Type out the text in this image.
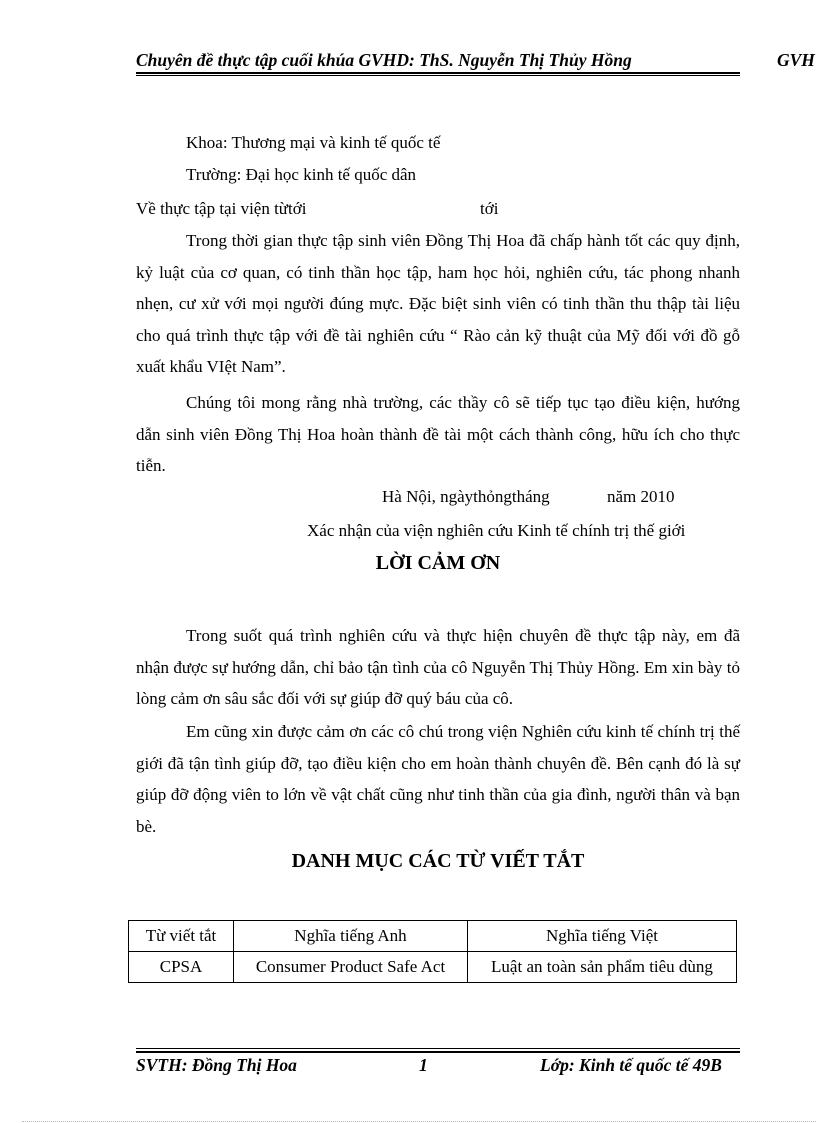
Chuyên đề thực tập cuối khúa GVHD: ThS. Nguyễn Thị Thủy Hồng	GVH
Khoa: Thương mại và kinh tế quốc tế
Trường: Đại học kinh tế quốc dân
Về thực tập tại viện từtới	tới

Trong thời gian thực tập sinh viên Đồng Thị Hoa đã chấp hành tốt các quy định, kỷ luật của cơ quan, có tinh thần học tập, ham học hỏi, nghiên cứu, tác phong nhanh nhẹn, cư xử với mọi người đúng mực. Đặc biệt sinh viên có tinh thần thu thập tài liệu cho quá trình thực tập với đề tài nghiên cứu “ Rào cản kỹ thuật của Mỹ đối với đồ gỗ xuất khẩu VIệt Nam”.

Chúng tôi mong rằng nhà trường, các thầy cô sẽ tiếp tục tạo điều kiện, hướng dẫn sinh viên Đồng Thị Hoa hoàn thành đề tài một cách thành công, hữu ích cho thực tiễn.

Hà Nội, ngàythỏngtháng	năm 2010
Xác nhận của viện nghiên cứu Kinh tế chính trị thế giới
LỜI CẢM ƠN

Trong suốt quá trình nghiên cứu và thực hiện chuyên đề thực tập này, em đã nhận được sự hướng dẫn, chỉ bảo tận tình của cô Nguyễn Thị Thủy Hồng. Em xin bày tỏ lòng cảm ơn sâu sắc đối với sự giúp đỡ quý báu của cô.

Em cũng xin được cảm ơn các cô chú trong viện Nghiên cứu kinh tế chính trị thế giới đã tận tình giúp đỡ, tạo điều kiện cho em hoàn thành chuyên đề. Bên cạnh đó là sự giúp đỡ động viên to lớn về vật chất cũng như tinh thần của gia đình, người thân và bạn bè.

DANH MỤC CÁC TỪ VIẾT TẮT
Từ viết tắt	Nghĩa tiếng Anh	Nghĩa tiếng Việt
CPSA	Consumer Product Safe Act	Luật an toàn sản phẩm tiêu dùng
SVTH: Đồng Thị Hoa	1	Lớp: Kinh tế quốc tế 49B
